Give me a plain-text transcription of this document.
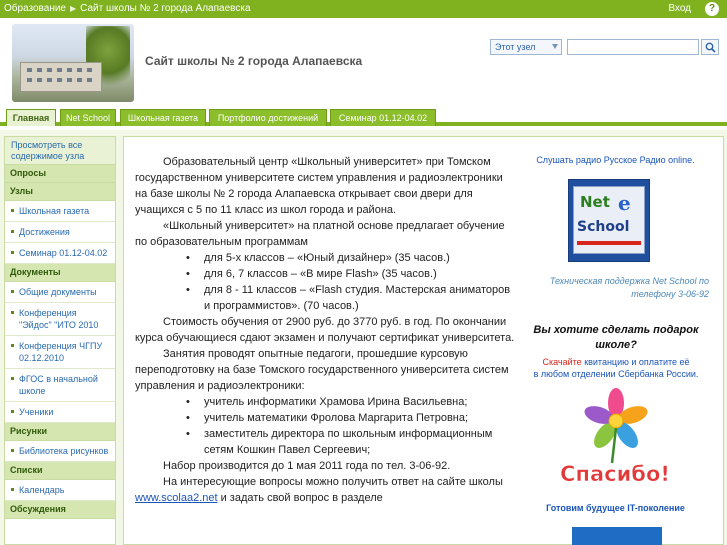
Образование ▶ Сайт школы № 2 города Алапаевска	Вход	?
Сайт школы № 2 города Алапаевска
Этот узел
Главная	Net School	Школьная газета	Портфолио достижений	Семинар 01.12-04.02
Просмотреть все содержимое узла
Опросы
Узлы
Школьная газета
Достижения
Семинар 01.12-04.02
Документы
Общие документы
Конференция "Эйдос" "ИТО 2010
Конференция ЧГПУ 02.12.2010
ФГОС в начальной школе
Ученики
Рисунки
Библиотека рисунков
Списки
Календарь
Обсуждения

Образовательный центр «Школьный университет» при Томском государственном университете систем управления и радиоэлектроники на базе школы № 2 города Алапаевска открывает свои двери для учащихся с 5 по 11 класс из школ города и района.

«Школьный университет» на платной основе предлагает обучение по образовательным программам

• для 5-х классов – «Юный дизайнер» (35 часов.)

• для 6, 7 классов – «В мире Flash» (35 часов.)

• для 8 - 11 классов – «Flash студия. Мастерская аниматоров и программистов». (70 часов.)

Стоимость обучения от 2900 руб. до 3770 руб. в год. По окончании курса обучающиеся сдают экзамен и получают сертификат университета.

Занятия проводят опытные педагоги, прошедшие курсовую переподготовку на базе Томского государственного университета систем управления и радиоэлектроники:

• учитель информатики Храмова Ирина Васильевна;

• учитель математики Фролова Маргарита Петровна;

• заместитель директора по школьным информационным сетям Кошкин Павел Сергеевич;

Набор производится до 1 мая 2011 года по тел. 3-06-92.

На интересующие вопросы можно получить ответ на сайте школы www.scolaa2.net и задать свой вопрос в разделе

Слушать радио Русское Радио online.
Net e
School
Техническая поддержка Net School по телефону 3-06-92
Вы хотите сделать подарок школе?
Скачайте квитанцию и оплатите её
в любом отделении Сбербанка России.
Спасибо!
Готовим будущее IT-поколение
